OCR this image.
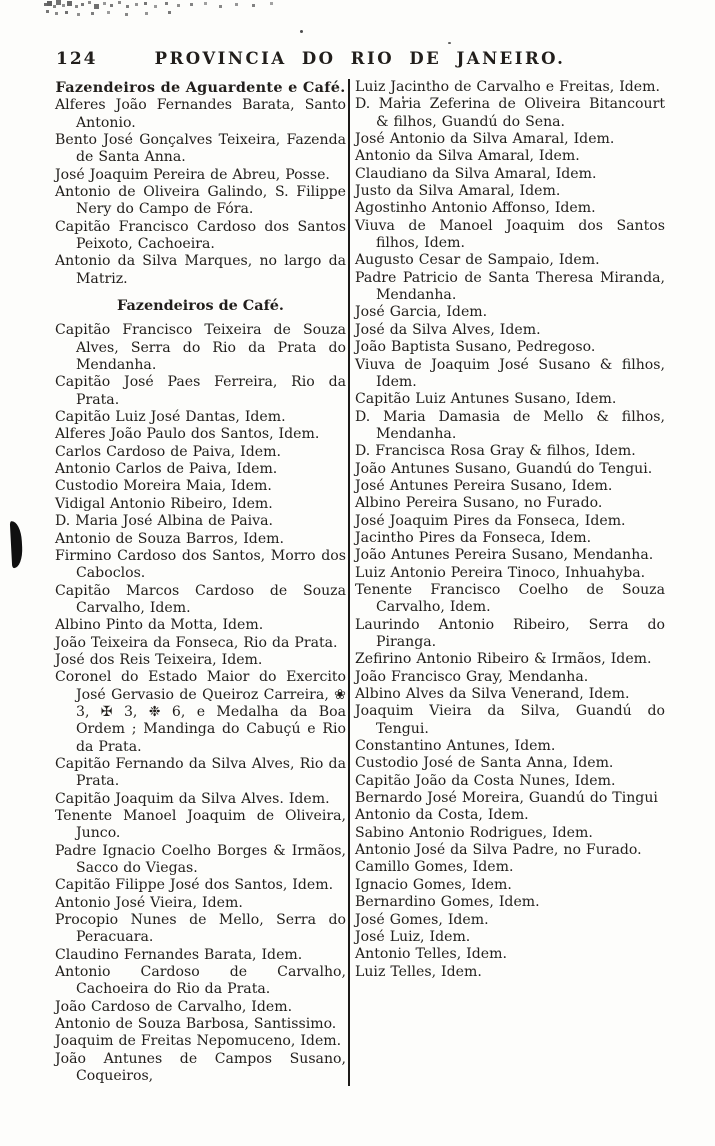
124	PROVINCIA DO RIO DE JANEIRO.

Fazendeiros de Aguardente e Café.

Alferes João Fernandes Barata, Santo Antonio.

Bento José Gonçalves Teixeira, Fazenda de Santa Anna.

José Joaquim Pereira de Abreu, Posse.

Antonio de Oliveira Galindo, S. Filippe Nery do Campo de Fóra.

Capitão Francisco Cardoso dos Santos Peixoto, Cachoeira.

Antonio da Silva Marques, no largo da Matriz.

Fazendeiros de Café.

Capitão Francisco Teixeira de Souza Alves, Serra do Rio da Prata do Mendanha.

Capitão José Paes Ferreira, Rio da Prata.

Capitão Luiz José Dantas, Idem.

Alferes João Paulo dos Santos, Idem.

Carlos Cardoso de Paiva, Idem.

Antonio Carlos de Paiva, Idem.

Custodio Moreira Maia, Idem.

Vidigal Antonio Ribeiro, Idem.

D. Maria José Albina de Paiva.

Antonio de Souza Barros, Idem.

Firmino Cardoso dos Santos, Morro dos Caboclos.

Capitão Marcos Cardoso de Souza Carvalho, Idem.

Albino Pinto da Motta, Idem.

João Teixeira da Fonseca, Rio da Prata.

José dos Reis Teixeira, Idem.

Coronel do Estado Maior do Exercito José Gervasio de Queiroz Carreira, ❀ 3, ✠ 3, ❉ 6, e Medalha da Boa Ordem ; Mandinga do Cabuçú e Rio da Prata.

Capitão Fernando da Silva Alves, Rio da Prata.

Capitão Joaquim da Silva Alves. Idem.

Tenente Manoel Joaquim de Oliveira, Junco.

Padre Ignacio Coelho Borges & Irmãos, Sacco do Viegas.

Capitão Filippe José dos Santos, Idem.

Antonio José Vieira, Idem.

Procopio Nunes de Mello, Serra do Peracuara.

Claudino Fernandes Barata, Idem.

Antonio Cardoso de Carvalho, Cachoeira do Rio da Prata.

João Cardoso de Carvalho, Idem.

Antonio de Souza Barbosa, Santissimo.

Joaquim de Freitas Nepomuceno, Idem.

João Antunes de Campos Susano, Coqueiros,

Luiz Jacintho de Carvalho e Freitas, Idem.

D. Maria Zeferina de Oliveira Bitancourt & filhos, Guandú do Sena.

José Antonio da Silva Amaral, Idem.

Antonio da Silva Amaral, Idem.

Claudiano da Silva Amaral, Idem.

Justo da Silva Amaral, Idem.

Agostinho Antonio Affonso, Idem.

Viuva de Manoel Joaquim dos Santos filhos, Idem.

Augusto Cesar de Sampaio, Idem.

Padre Patricio de Santa Theresa Miranda, Mendanha.

José Garcia, Idem.

José da Silva Alves, Idem.

João Baptista Susano, Pedregoso.

Viuva de Joaquim José Susano & filhos, Idem.

Capitão Luiz Antunes Susano, Idem.

D. Maria Damasia de Mello & filhos, Mendanha.

D. Francisca Rosa Gray & filhos, Idem.

João Antunes Susano, Guandú do Tengui.

José Antunes Pereira Susano, Idem.

Albino Pereira Susano, no Furado.

José Joaquim Pires da Fonseca, Idem.

Jacintho Pires da Fonseca, Idem.

João Antunes Pereira Susano, Mendanha.

Luiz Antonio Pereira Tinoco, Inhuahyba.

Tenente Francisco Coelho de Souza Carvalho, Idem.

Laurindo Antonio Ribeiro, Serra do Piranga.

Zefirino Antonio Ribeiro & Irmãos, Idem.

João Francisco Gray, Mendanha.

Albino Alves da Silva Venerand, Idem.

Joaquim Vieira da Silva, Guandú do Tengui.

Constantino Antunes, Idem.

Custodio José de Santa Anna, Idem.

Capitão João da Costa Nunes, Idem.

Bernardo José Moreira, Guandú do Tingui

Antonio da Costa, Idem.

Sabino Antonio Rodrigues, Idem.

Antonio José da Silva Padre, no Furado.

Camillo Gomes, Idem.

Ignacio Gomes, Idem.

Bernardino Gomes, Idem.

José Gomes, Idem.

José Luiz, Idem.

Antonio Telles, Idem.

Luiz Telles, Idem.
